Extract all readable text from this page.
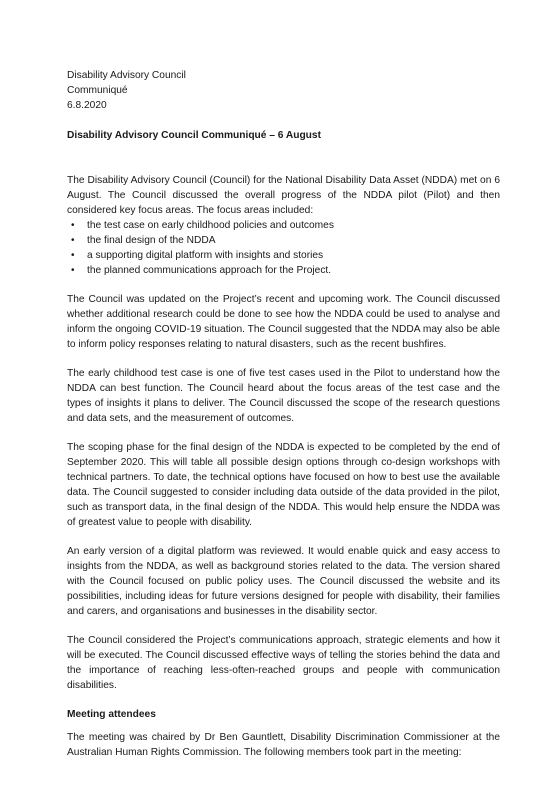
Disability Advisory Council
Communiqué
6.8.2020
Disability Advisory Council Communiqué – 6 August

The Disability Advisory Council (Council) for the National Disability Data Asset (NDDA) met on 6 August. The Council discussed the overall progress of the NDDA pilot (Pilot) and then considered key focus areas. The focus areas included:

• the test case on early childhood policies and outcomes
• the final design of the NDDA
• a supporting digital platform with insights and stories
• the planned communications approach for the Project.

The Council was updated on the Project’s recent and upcoming work. The Council discussed whether additional research could be done to see how the NDDA could be used to analyse and inform the ongoing COVID-19 situation. The Council suggested that the NDDA may also be able to inform policy responses relating to natural disasters, such as the recent bushfires.

The early childhood test case is one of five test cases used in the Pilot to understand how the NDDA can best function. The Council heard about the focus areas of the test case and the types of insights it plans to deliver. The Council discussed the scope of the research questions and data sets, and the measurement of outcomes.

The scoping phase for the final design of the NDDA is expected to be completed by the end of September 2020. This will table all possible design options through co-design workshops with technical partners. To date, the technical options have focused on how to best use the available data. The Council suggested to consider including data outside of the data provided in the pilot, such as transport data, in the final design of the NDDA. This would help ensure the NDDA was of greatest value to people with disability.

An early version of a digital platform was reviewed. It would enable quick and easy access to insights from the NDDA, as well as background stories related to the data. The version shared with the Council focused on public policy uses. The Council discussed the website and its possibilities, including ideas for future versions designed for people with disability, their families and carers, and organisations and businesses in the disability sector.

The Council considered the Project’s communications approach, strategic elements and how it will be executed. The Council discussed effective ways of telling the stories behind the data and the importance of reaching less-often-reached groups and people with communication disabilities.

Meeting attendees

The meeting was chaired by Dr Ben Gauntlett, Disability Discrimination Commissioner at the Australian Human Rights Commission. The following members took part in the meeting:
